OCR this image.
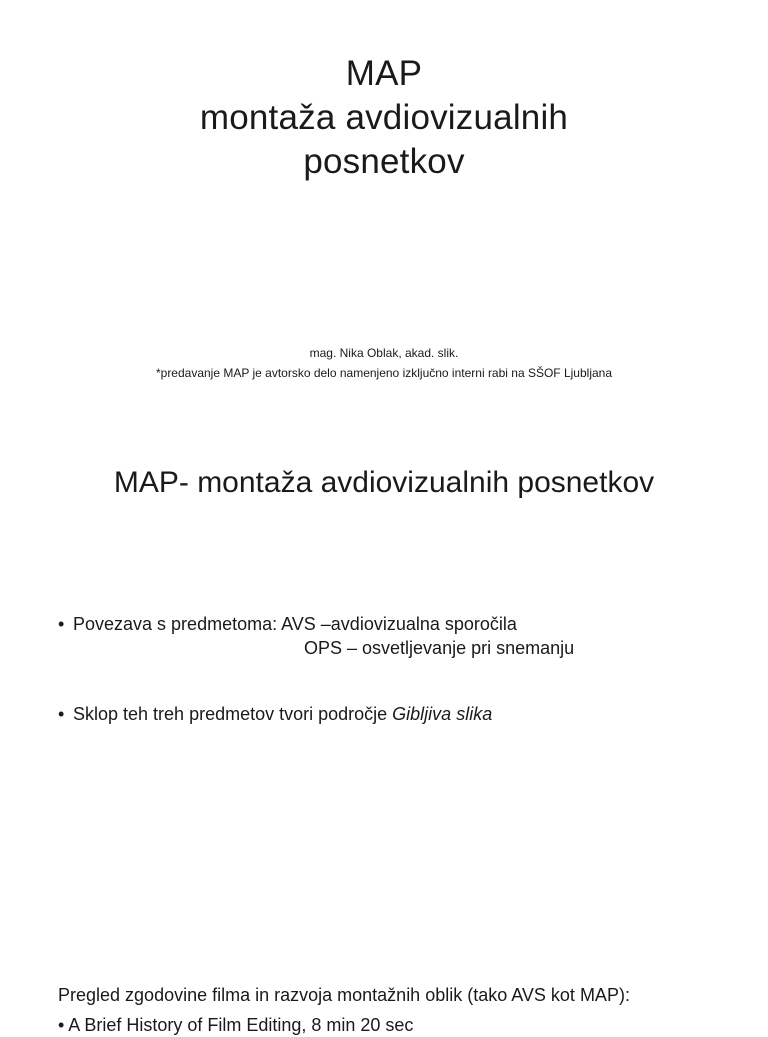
MAP
montaža avdiovizualnih
posnetkov
mag. Nika Oblak, akad. slik.
*predavanje MAP je avtorsko delo namenjeno izključno interni rabi na SŠOF Ljubljana
MAP- montaža avdiovizualnih posnetkov
• Povezava s predmetoma: AVS –avdiovizualna sporočila
OPS – osvetljevanje pri snemanju
• Sklop teh treh predmetov tvori področje Gibljiva slika
Pregled zgodovine filma in razvoja montažnih oblik (tako AVS kot MAP):
• A Brief History of Film Editing, 8 min 20 sec
